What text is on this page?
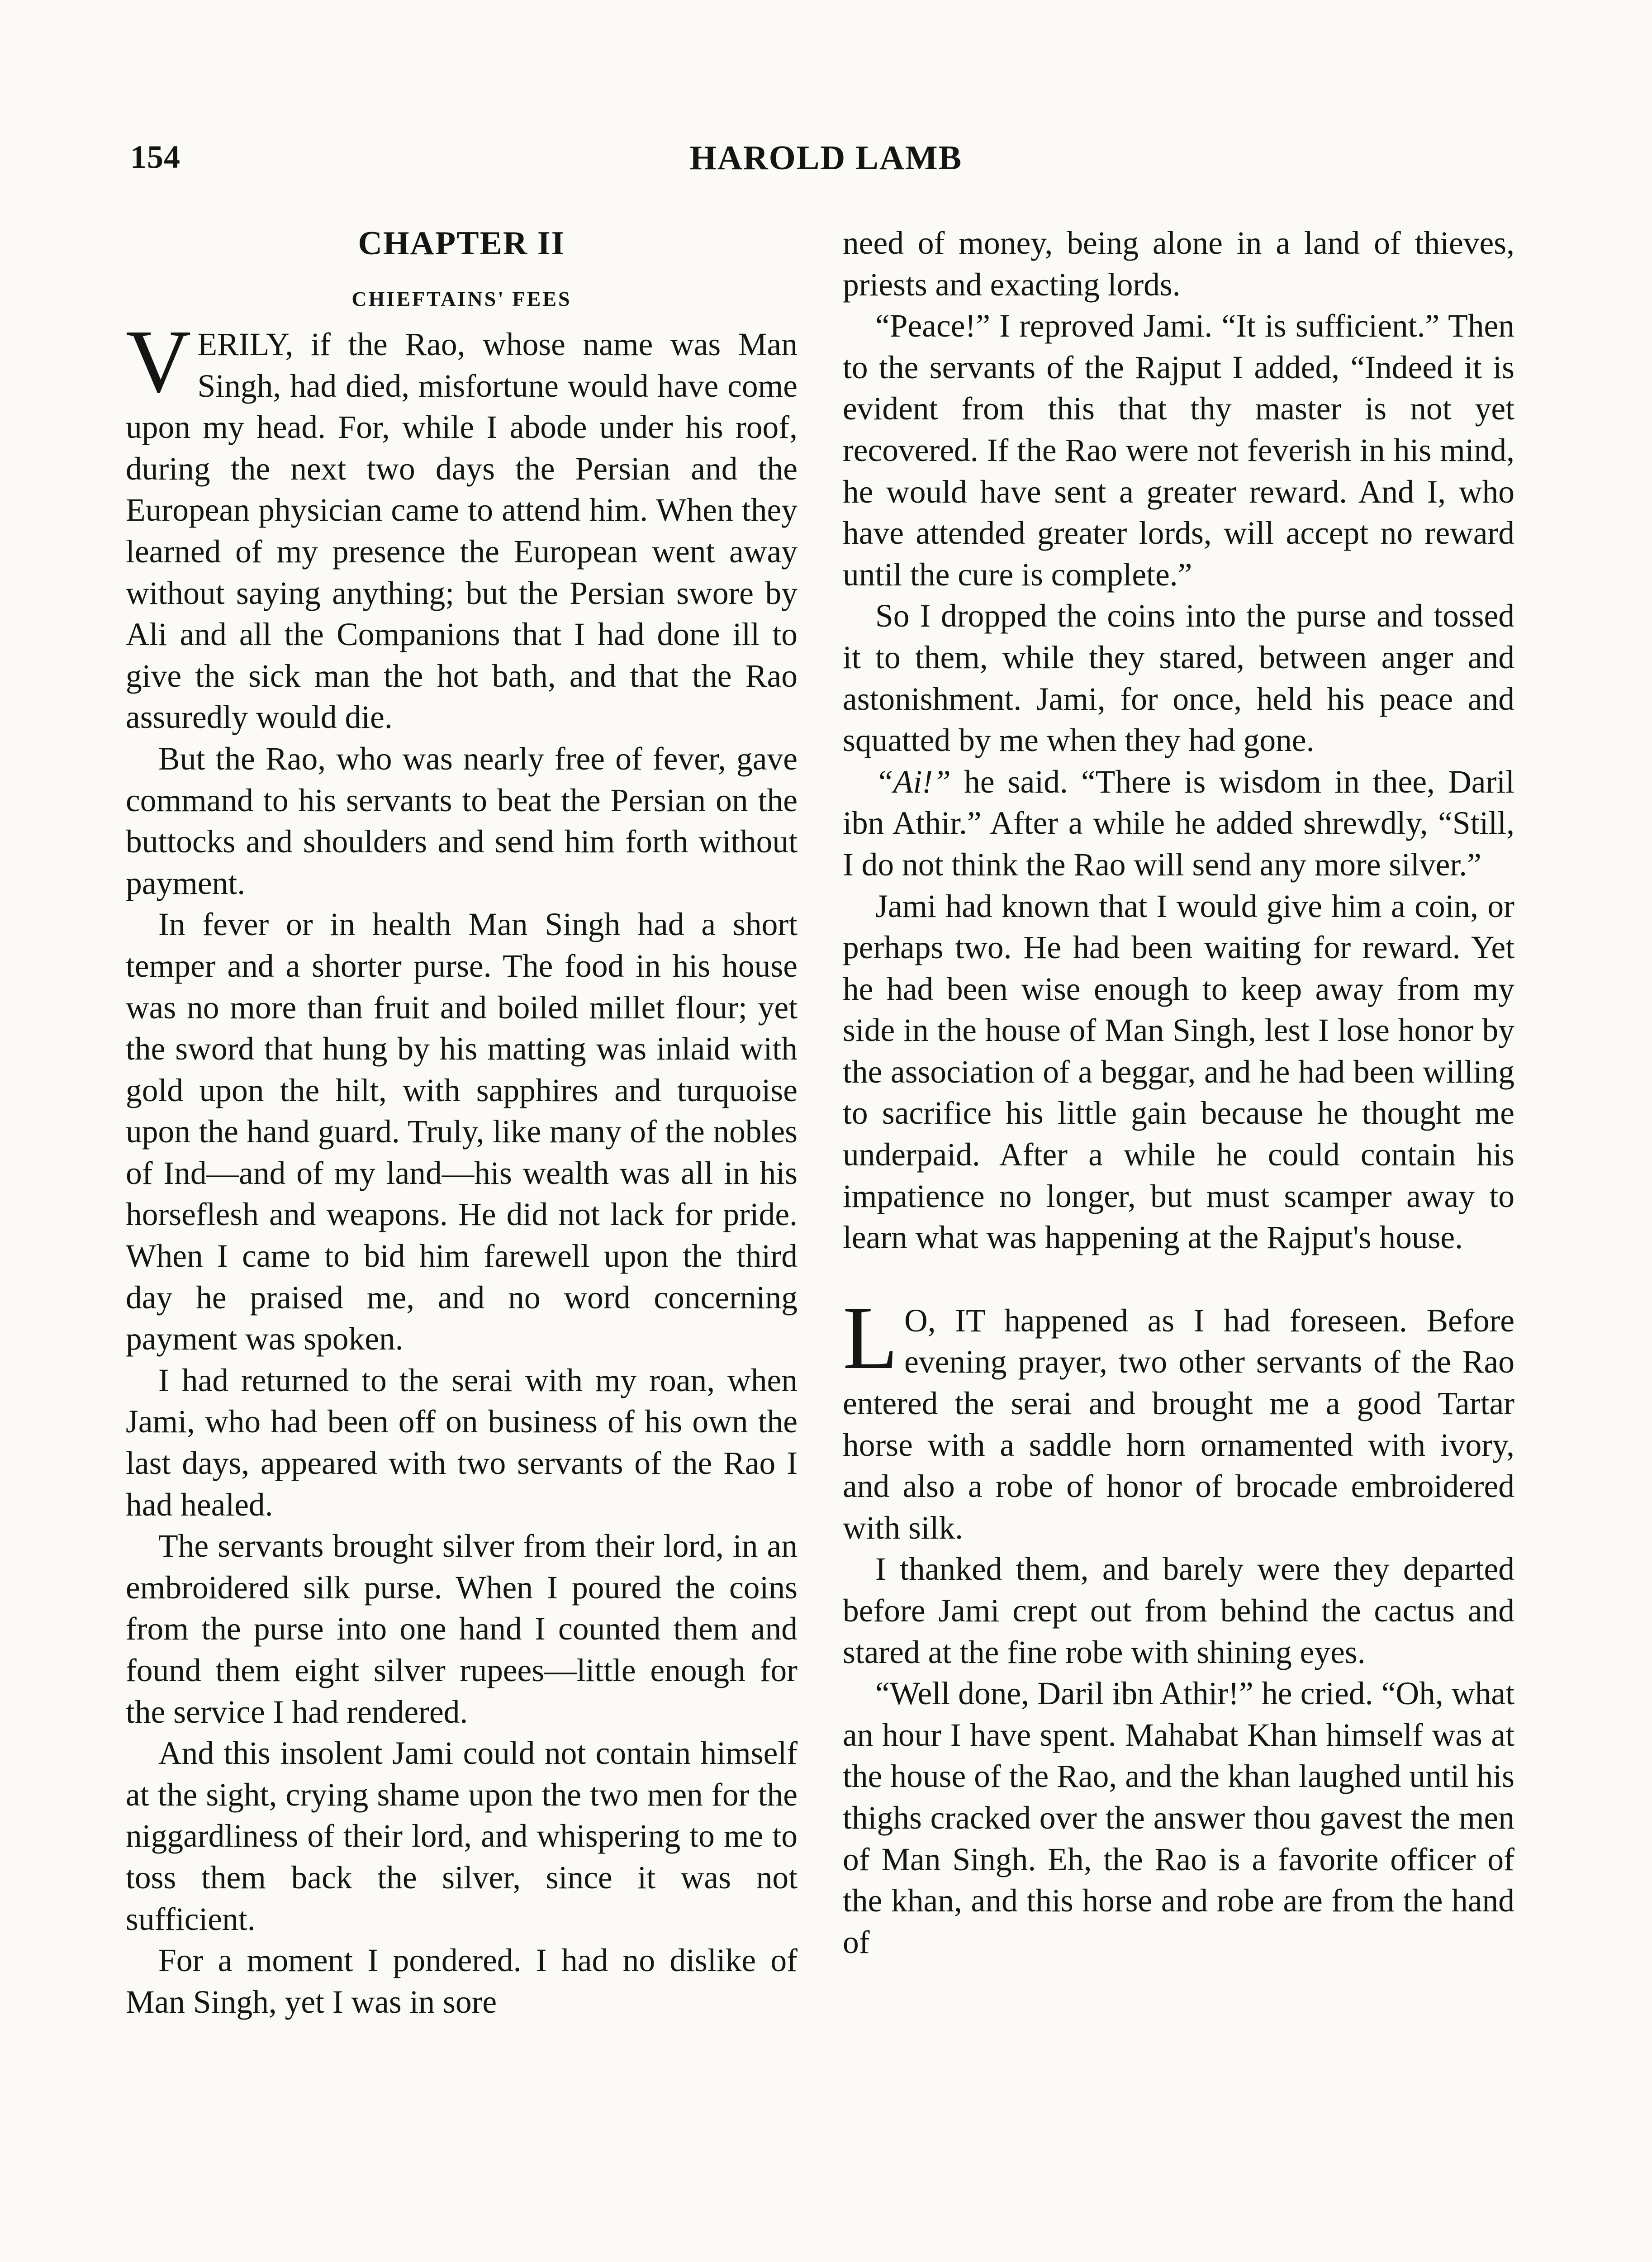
154	HAROLD LAMB
CHAPTER II
CHIEFTAINS' FEES

VERILY, if the Rao, whose name was Man Singh, had died, misfortune would have come upon my head. For, while I abode under his roof, during the next two days the Persian and the European physician came to attend him. When they learned of my presence the European went away without saying anything; but the Persian swore by Ali and all the Companions that I had done ill to give the sick man the hot bath, and that the Rao assuredly would die.

But the Rao, who was nearly free of fever, gave command to his servants to beat the Persian on the buttocks and shoulders and send him forth without payment.

In fever or in health Man Singh had a short temper and a shorter purse. The food in his house was no more than fruit and boiled millet flour; yet the sword that hung by his matting was inlaid with gold upon the hilt, with sapphires and turquoise upon the hand guard. Truly, like many of the nobles of Ind—and of my land—his wealth was all in his horseflesh and weapons. He did not lack for pride. When I came to bid him farewell upon the third day he praised me, and no word concerning payment was spoken.

I had returned to the serai with my roan, when Jami, who had been off on business of his own the last days, appeared with two servants of the Rao I had healed.

The servants brought silver from their lord, in an embroidered silk purse. When I poured the coins from the purse into one hand I counted them and found them eight silver rupees—little enough for the service I had rendered.

And this insolent Jami could not contain himself at the sight, crying shame upon the two men for the niggardliness of their lord, and whispering to me to toss them back the silver, since it was not sufficient.

For a moment I pondered. I had no dislike of Man Singh, yet I was in sore

need of money, being alone in a land of thieves, priests and exacting lords.

“Peace!” I reproved Jami. “It is sufficient.” Then to the servants of the Rajput I added, “Indeed it is evident from this that thy master is not yet recovered. If the Rao were not feverish in his mind, he would have sent a greater reward. And I, who have attended greater lords, will accept no reward until the cure is complete.”

So I dropped the coins into the purse and tossed it to them, while they stared, between anger and astonishment. Jami, for once, held his peace and squatted by me when they had gone.

“Ai!” he said. “There is wisdom in thee, Daril ibn Athir.” After a while he added shrewdly, “Still, I do not think the Rao will send any more silver.”

Jami had known that I would give him a coin, or perhaps two. He had been waiting for reward. Yet he had been wise enough to keep away from my side in the house of Man Singh, lest I lose honor by the association of a beggar, and he had been willing to sacrifice his little gain because he thought me underpaid. After a while he could contain his impatience no longer, but must scamper away to learn what was happening at the Rajput's house.

L O, IT happened as I had foreseen. Before evening prayer, two other servants of the Rao entered the serai and brought me a good Tartar horse with a saddle horn ornamented with ivory, and also a robe of honor of brocade embroidered with silk.

I thanked them, and barely were they departed before Jami crept out from behind the cactus and stared at the fine robe with shining eyes.

“Well done, Daril ibn Athir!” he cried. “Oh, what an hour I have spent. Mahabat Khan himself was at the house of the Rao, and the khan laughed until his thighs cracked over the answer thou gavest the men of Man Singh. Eh, the Rao is a favorite officer of the khan, and this horse and robe are from the hand of
